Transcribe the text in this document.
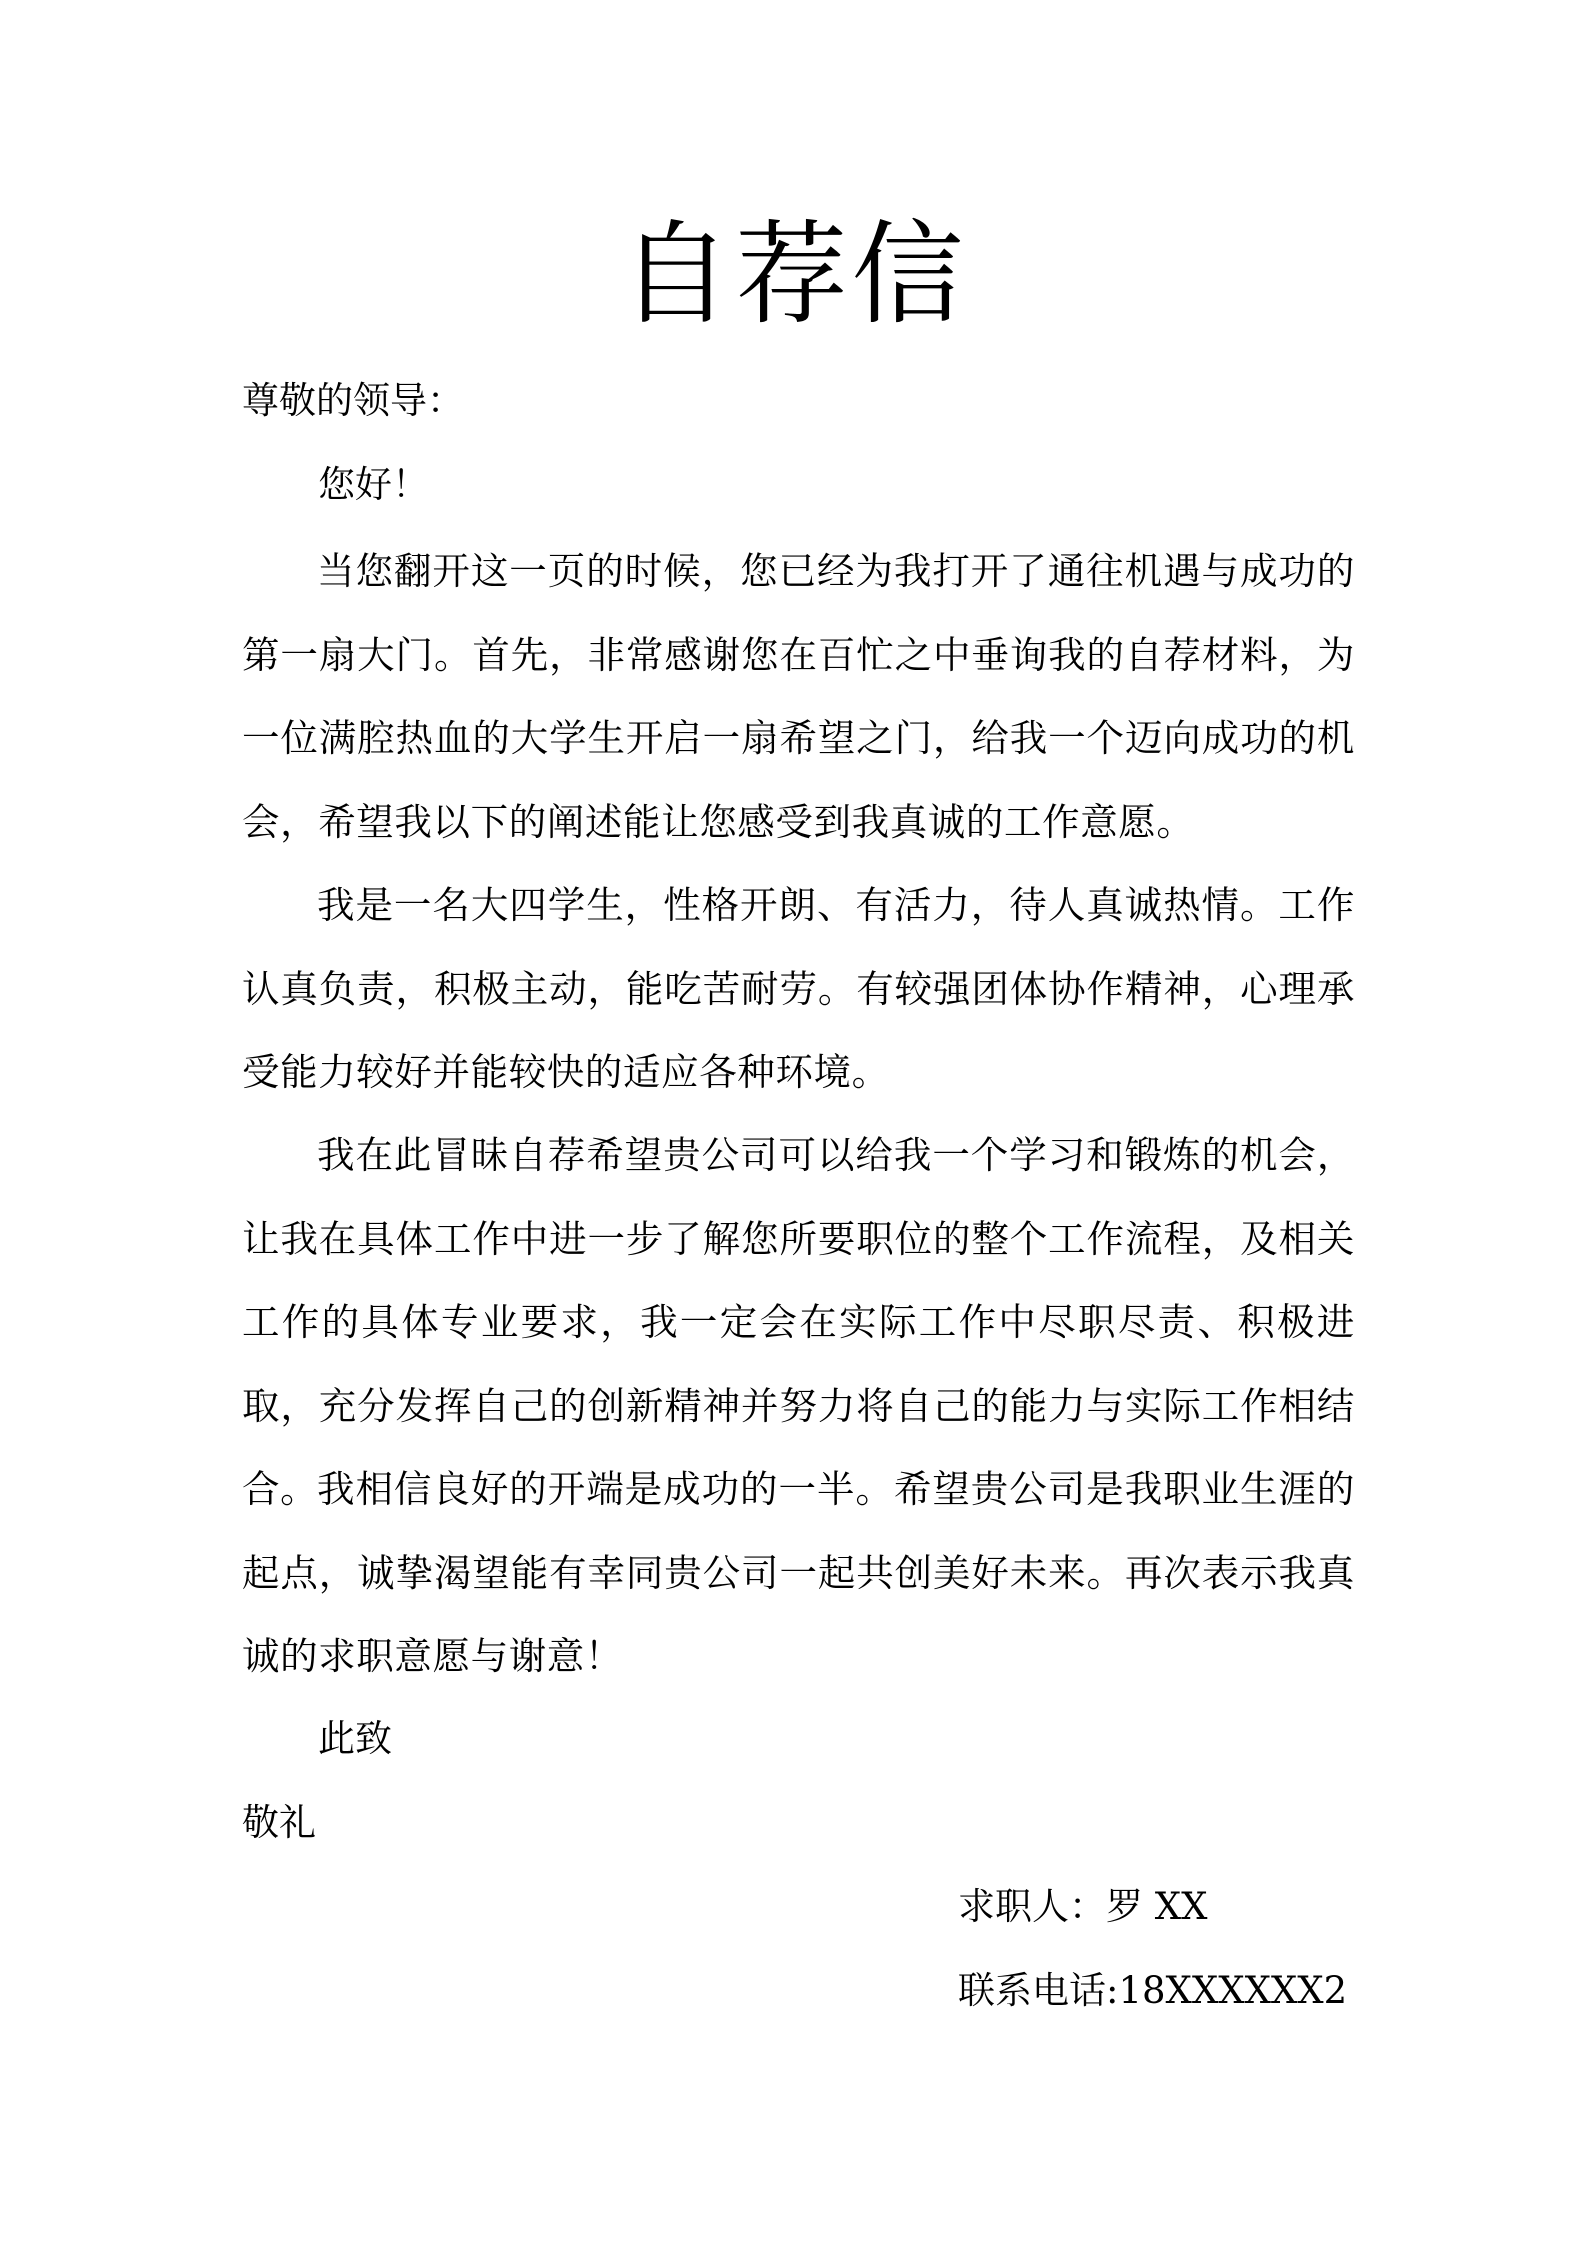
自荐信
尊敬的领导：
您好！
当您翻开这一页的时候，您已经为我打开了通往机遇与成功的第一扇大门。首先，非常感谢您在百忙之中垂询我的自荐材料，为一位满腔热血的大学生开启一扇希望之门，给我一个迈向成功的机会，希望我以下的阐述能让您感受到我真诚的工作意愿。
我是一名大四学生，性格开朗、有活力，待人真诚热情。工作认真负责，积极主动，能吃苦耐劳。有较强团体协作精神，心理承受能力较好并能较快的适应各种环境。
我在此冒昧自荐希望贵公司可以给我一个学习和锻炼的机会，让我在具体工作中进一步了解您所要职位的整个工作流程，及相关工作的具体专业要求，我一定会在实际工作中尽职尽责、积极进取，充分发挥自己的创新精神并努力将自己的能力与实际工作相结合。
我相信良好的开端是成功的一半。希望贵公司是我职业生涯的起点，诚挚渴望能有幸同贵公司一起共创美好未来。再次表示我真诚的求职意愿与谢意！
此致
敬礼
求职人：罗 XX
联系电话:18XXXXXX2
